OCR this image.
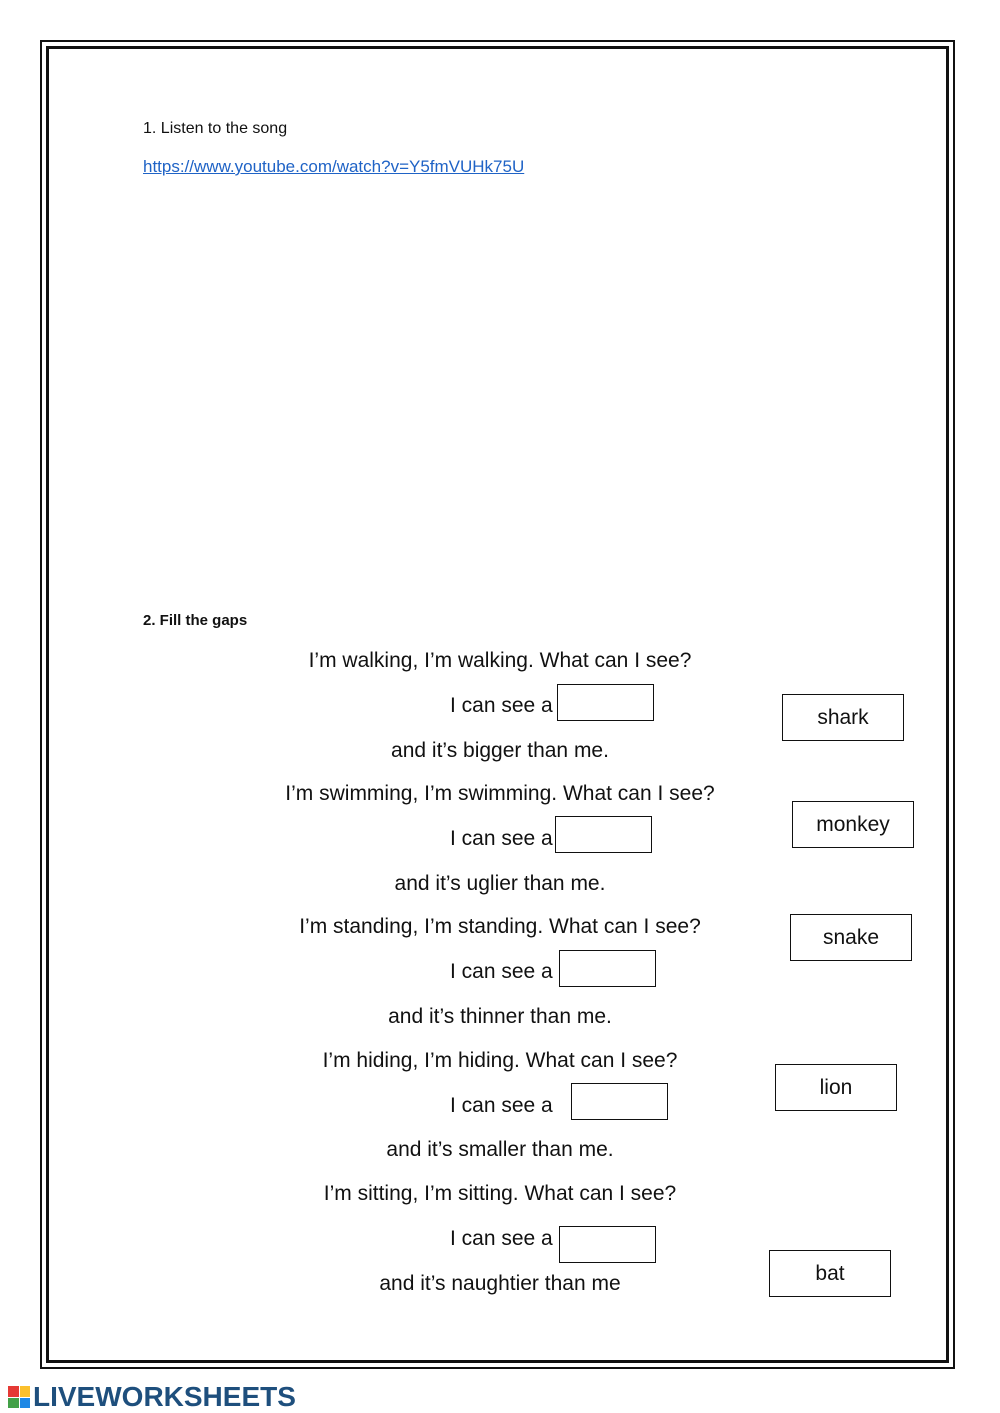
1. Listen to the song
https://www.youtube.com/watch?v=Y5fmVUHk75U
2. Fill the gaps
I’m walking, I’m walking. What can I see?
I can see a
and it’s bigger than me.
I’m swimming, I’m swimming. What can I see?
I can see a
and it’s uglier than me.
I’m standing, I’m standing. What can I see?
I can see a
and it’s thinner than me.
I’m hiding, I’m hiding. What can I see?
I can see a
and it’s smaller than me.
I’m sitting, I’m sitting. What can I see?
I can see a
and it’s naughtier than me
shark
monkey
snake
lion
bat
LIVEWORKSHEETS
